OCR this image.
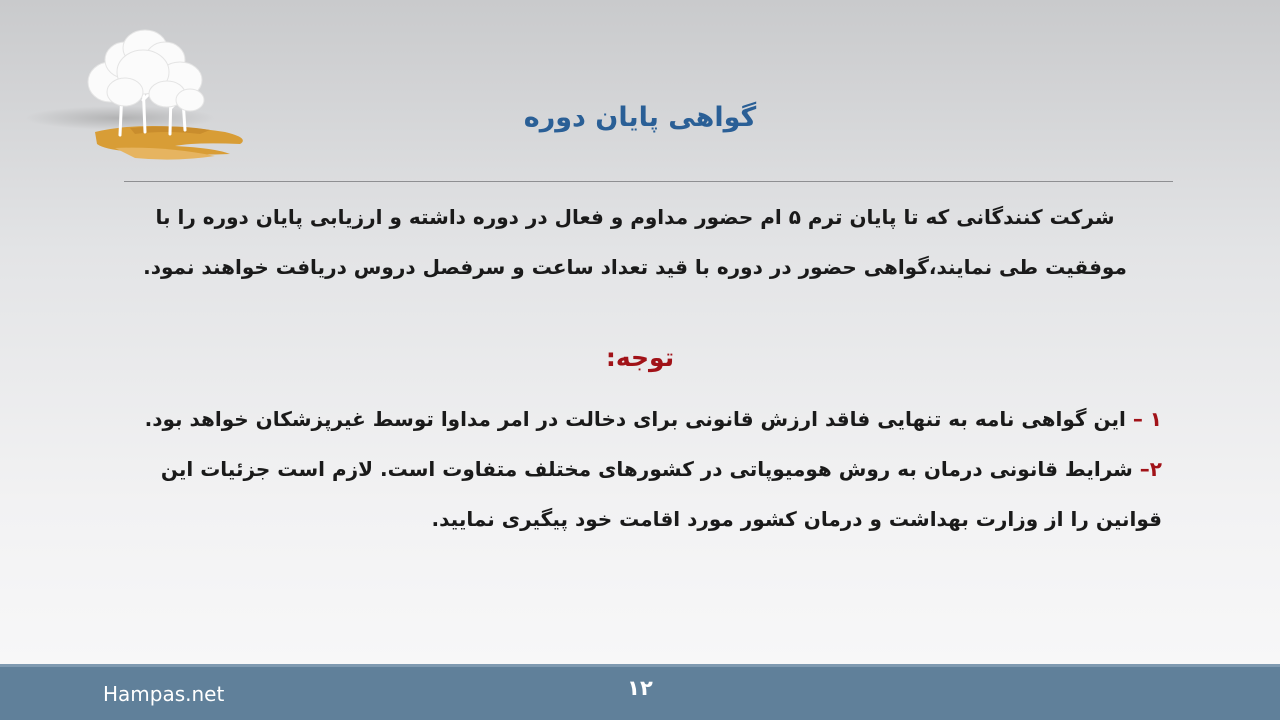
گواهی پایان دوره

شرکت کنندگانی که تا پایان ترم ۵ ام حضور مداوم و فعال در دوره داشته و ارزیابی پایان دوره را با موفقیت طی نمایند،گواهی حضور در دوره با قید تعداد ساعت و سرفصل دروس دریافت خواهند نمود.

توجه:

۱ – این گواهی نامه به تنهایی فاقد ارزش قانونی برای دخالت در امر مداوا توسط غیرپزشکان خواهد بود.

۲– شرایط قانونی درمان به روش هومیوپاتی در کشورهای مختلف متفاوت است. لازم است جزئیات این قوانین را از وزارت بهداشت و درمان کشور مورد اقامت خود پیگیری نمایید.

Hampas.net	۱۲
